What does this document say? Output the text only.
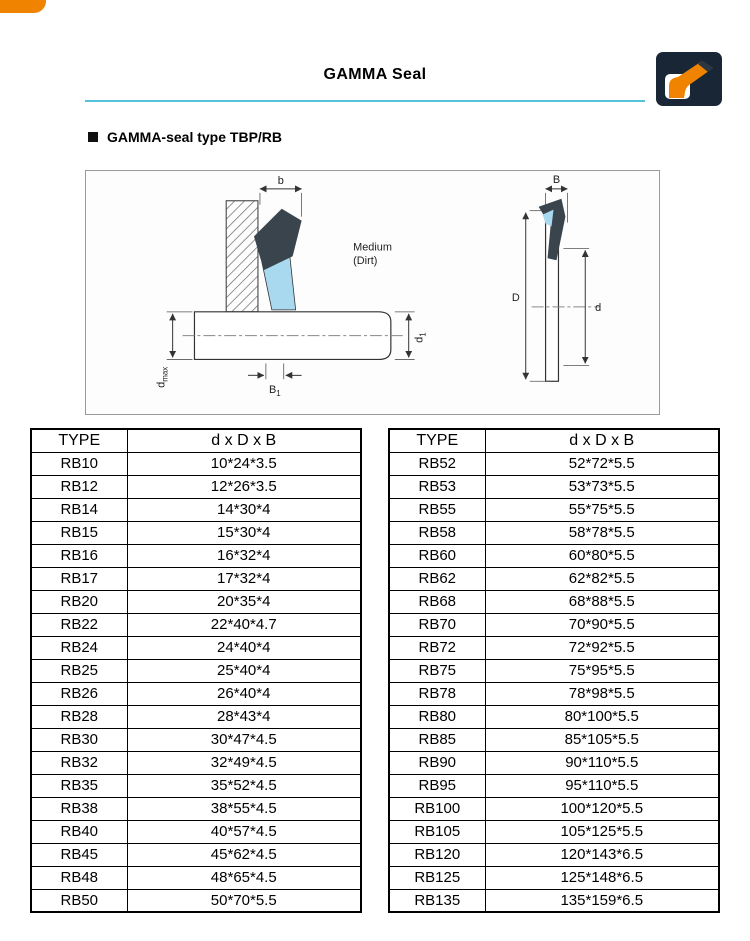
GAMMA Seal
GAMMA-seal type TBP/RB
b
$B_1$
$d_1$
$d_{max}$
Medium
(Dirt)
B
D
d
TYPE	d x D x B
RB10	10*24*3.5
RB12	12*26*3.5
RB14	14*30*4
RB15	15*30*4
RB16	16*32*4
RB17	17*32*4
RB20	20*35*4
RB22	22*40*4.7
RB24	24*40*4
RB25	25*40*4
RB26	26*40*4
RB28	28*43*4
RB30	30*47*4.5
RB32	32*49*4.5
RB35	35*52*4.5
RB38	38*55*4.5
RB40	40*57*4.5
RB45	45*62*4.5
RB48	48*65*4.5
RB50	50*70*5.5
TYPE	d x D x B
RB52	52*72*5.5
RB53	53*73*5.5
RB55	55*75*5.5
RB58	58*78*5.5
RB60	60*80*5.5
RB62	62*82*5.5
RB68	68*88*5.5
RB70	70*90*5.5
RB72	72*92*5.5
RB75	75*95*5.5
RB78	78*98*5.5
RB80	80*100*5.5
RB85	85*105*5.5
RB90	90*110*5.5
RB95	95*110*5.5
RB100	100*120*5.5
RB105	105*125*5.5
RB120	120*143*6.5
RB125	125*148*6.5
RB135	135*159*6.5
